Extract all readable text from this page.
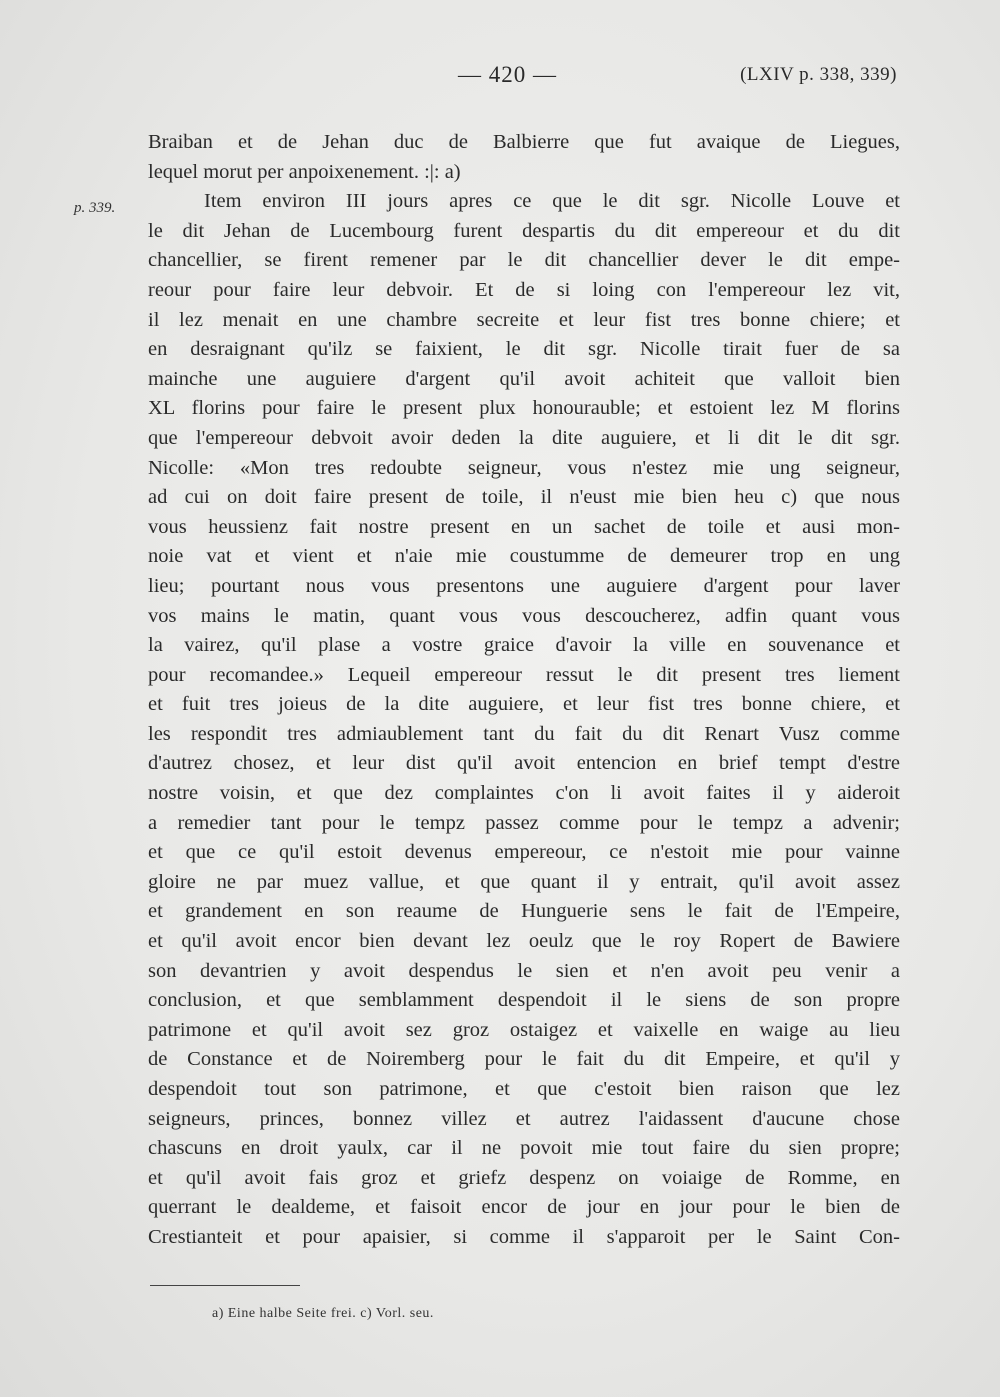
— 420 —	(LXIV p. 338, 339)
p. 339.
Braiban et de Jehan duc de Balbierre que fut avaique de Liegues,
lequel morut per anpoixenement. :|: a)
Item environ III jours apres ce que le dit sgr. Nicolle Louve et
le dit Jehan de Lucembourg furent despartis du dit empereour et du dit
chancellier, se firent remener par le dit chancellier dever le dit empe-
reour pour faire leur debvoir. Et de si loing con l'empereour lez vit,
il lez menait en une chambre secreite et leur fist tres bonne chiere; et
en desraignant qu'ilz se faixient, le dit sgr. Nicolle tirait fuer de sa
mainche une auguiere d'argent qu'il avoit achiteit que valloit bien
XL florins pour faire le present plux honourauble; et estoient lez M florins
que l'empereour debvoit avoir deden la dite auguiere, et li dit le dit sgr.
Nicolle: «Mon tres redoubte seigneur, vous n'estez mie ung seigneur,
ad cui on doit faire present de toile, il n'eust mie bien heu c) que nous
vous heussienz fait nostre present en un sachet de toile et ausi mon-
noie vat et vient et n'aie mie coustumme de demeurer trop en ung
lieu; pourtant nous vous presentons une auguiere d'argent pour laver
vos mains le matin, quant vous vous descoucherez, adfin quant vous
la vairez, qu'il plase a vostre graice d'avoir la ville en souvenance et
pour recomandee.» Lequeil empereour ressut le dit present tres liement
et fuit tres joieus de la dite auguiere, et leur fist tres bonne chiere, et
les respondit tres admiaublement tant du fait du dit Renart Vusz comme
d'autrez chosez, et leur dist qu'il avoit entencion en brief tempt d'estre
nostre voisin, et que dez complaintes c'on li avoit faites il y aideroit
a remedier tant pour le tempz passez comme pour le tempz a advenir;
et que ce qu'il estoit devenus empereour, ce n'estoit mie pour vainne
gloire ne par muez vallue, et que quant il y entrait, qu'il avoit assez
et grandement en son reaume de Hunguerie sens le fait de l'Empeire,
et qu'il avoit encor bien devant lez oeulz que le roy Ropert de Bawiere
son devantrien y avoit despendus le sien et n'en avoit peu venir a
conclusion, et que semblamment despendoit il le siens de son propre
patrimone et qu'il avoit sez groz ostaigez et vaixelle en waige au lieu
de Constance et de Noiremberg pour le fait du dit Empeire, et qu'il y
despendoit tout son patrimone, et que c'estoit bien raison que lez
seigneurs, princes, bonnez villez et autrez l'aidassent d'aucune chose
chascuns en droit yaulx, car il ne povoit mie tout faire du sien propre;
et qu'il avoit fais groz et griefz despenz on voiaige de Romme, en
querrant le dealdeme, et faisoit encor de jour en jour pour le bien de
Crestianteit et pour apaisier, si comme il s'apparoit per le Saint Con-
a) Eine halbe Seite frei. c) Vorl. seu.
